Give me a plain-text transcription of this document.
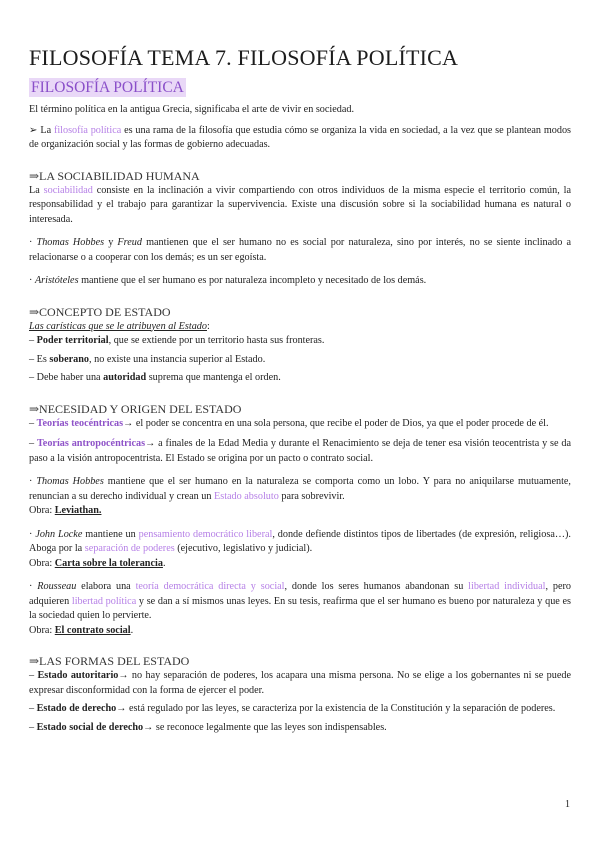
FILOSOFÍA TEMA 7. FILOSOFÍA POLÍTICA
FILOSOFÍA POLÍTICA

El término política en la antigua Grecia, significaba el arte de vivir en sociedad.

➢ La filosofía política es una rama de la filosofía que estudia cómo se organiza la vida en sociedad, a la vez que se plantean modos de organización social y las formas de gobierno adecuadas.

⇒LA SOCIABILIDAD HUMANA

La sociabilidad consiste en la inclinación a vivir compartiendo con otros individuos de la misma especie el territorio común, la responsabilidad y el trabajo para garantizar la supervivencia. Existe una discusión sobre si la sociabilidad humana es natural o interesada.

· Thomas Hobbes y Freud mantienen que el ser humano no es social por naturaleza, sino por interés, no se siente inclinado a relacionarse o a cooperar con los demás; es un ser egoísta.

· Aristóteles mantiene que el ser humano es por naturaleza incompleto y necesitado de los demás.

⇒CONCEPTO DE ESTADO

Las carísticas que se le atribuyen al Estado:

– Poder territorial, que se extiende por un territorio hasta sus fronteras.

– Es soberano, no existe una instancia superior al Estado.

– Debe haber una autoridad suprema que mantenga el orden.

⇒NECESIDAD Y ORIGEN DEL ESTADO

– Teorías teocéntricas→ el poder se concentra en una sola persona, que recibe el poder de Dios, ya que el poder procede de él.

– Teorías antropocéntricas→ a finales de la Edad Media y durante el Renacimiento se deja de tener esa visión teocentrista y se da paso a la visión antropocentrista. El Estado se origina por un pacto o contrato social.

· Thomas Hobbes mantiene que el ser humano en la naturaleza se comporta como un lobo. Y para no aniquilarse mutuamente, renuncian a su derecho individual y crean un Estado absoluto para sobrevivir.
Obra: Leviathan.

· John Locke mantiene un pensamiento democrático liberal, donde defiende distintos tipos de libertades (de expresión, religiosa…). Aboga por la separación de poderes (ejecutivo, legislativo y judicial).
Obra: Carta sobre la tolerancia.

· Rousseau elabora una teoría democrática directa y social, donde los seres humanos abandonan su libertad individual, pero adquieren libertad política y se dan a sí mismos unas leyes. En su tesis, reafirma que el ser humano es bueno por naturaleza y que es la sociedad quien lo pervierte.
Obra: El contrato social.

⇒LAS FORMAS DEL ESTADO

– Estado autoritario→ no hay separación de poderes, los acapara una misma persona. No se elige a los gobernantes ni se puede expresar disconformidad con la forma de ejercer el poder.

– Estado de derecho→ está regulado por las leyes, se caracteriza por la existencia de la Constitución y la separación de poderes.

– Estado social de derecho→ se reconoce legalmente que las leyes son indispensables.

1
